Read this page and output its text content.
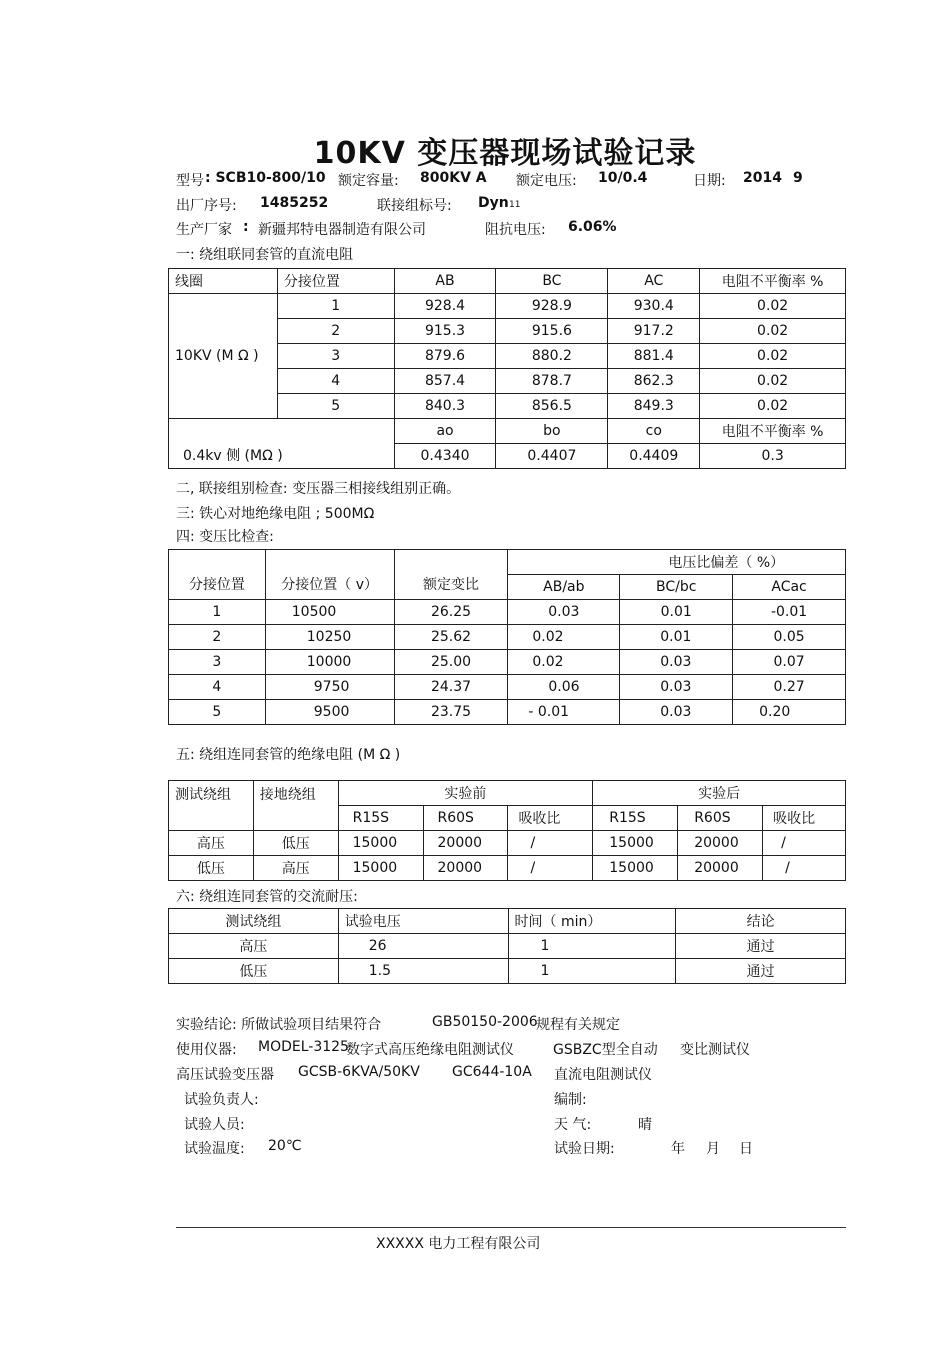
10KV 变压器现场试验记录
型号 : SCB10-800/10 额定容量: 800KV A 额定电压: 10/0.4	日期: 2014 9
出厂序号: 1485252	联接组标号: Dyn 11
生产厂家 : 新疆邦特电器制造有限公司	阻抗电压: 6.06%
一: 绕组联同套管的直流电阻
线圈	分接位置	AB	BC	AC	电阻不平衡率 %
10KV (M Ω )	1	928.4	928.9	930.4	0.02
	2	915.3	915.6	917.2	0.02
	3	879.6	880.2	881.4	0.02
	4	857.4	878.7	862.3	0.02
	5	840.3	856.5	849.3	0.02
0.4kv 侧 (MΩ )		ao	bo	co	电阻不平衡率 %
		0.4340	0.4407	0.4409	0.3
二, 联接组别检查: 变压器三相接线组别正确。
三: 铁心对地绝缘电阻 ; 500MΩ
四: 变压比检查:
分接位置	分接位置（ v）	额定变比	电压比偏差（ %）		
			AB/ab	BC/bc	ACac
1	10500	26.25	0.03	0.01	-0.01
2	10250	25.62	0.02	0.01	0.05
3	10000	25.00	0.02	0.03	0.07
4	9750	24.37	0.06	0.03	0.27
5	9500	23.75	- 0.01	0.03	0.20
五: 绕组连同套管的绝缘电阻 (M Ω )
测试绕组	接地绕组	实验前			实验后		
		R15S	R60S	吸收比	R15S	R60S	吸收比
高压	低压	15000	20000	/	15000	20000	/
低压	高压	15000	20000	/	15000	20000	/
六: 绕组连同套管的交流耐压:
测试绕组	试验电压	时间（ min）	结论
高压	26	1	通过
低压	1.5	1	通过
实验结论: 所做试验项目结果符合	GB50150-2006
规程有关规定
使用仪器: MODEL-3125
数字式高压绝缘电阻测试仪	GSBZC型全自动 变比测试仪
高压试验变压器 GCSB-6KVA/50KV GC644-10A 直流电阻测试仪
试验负责人:	编制:
试验人员:	天 气:	晴
试验温度: 20℃	试验日期:	年 月 日
XXXXX 电力工程有限公司
